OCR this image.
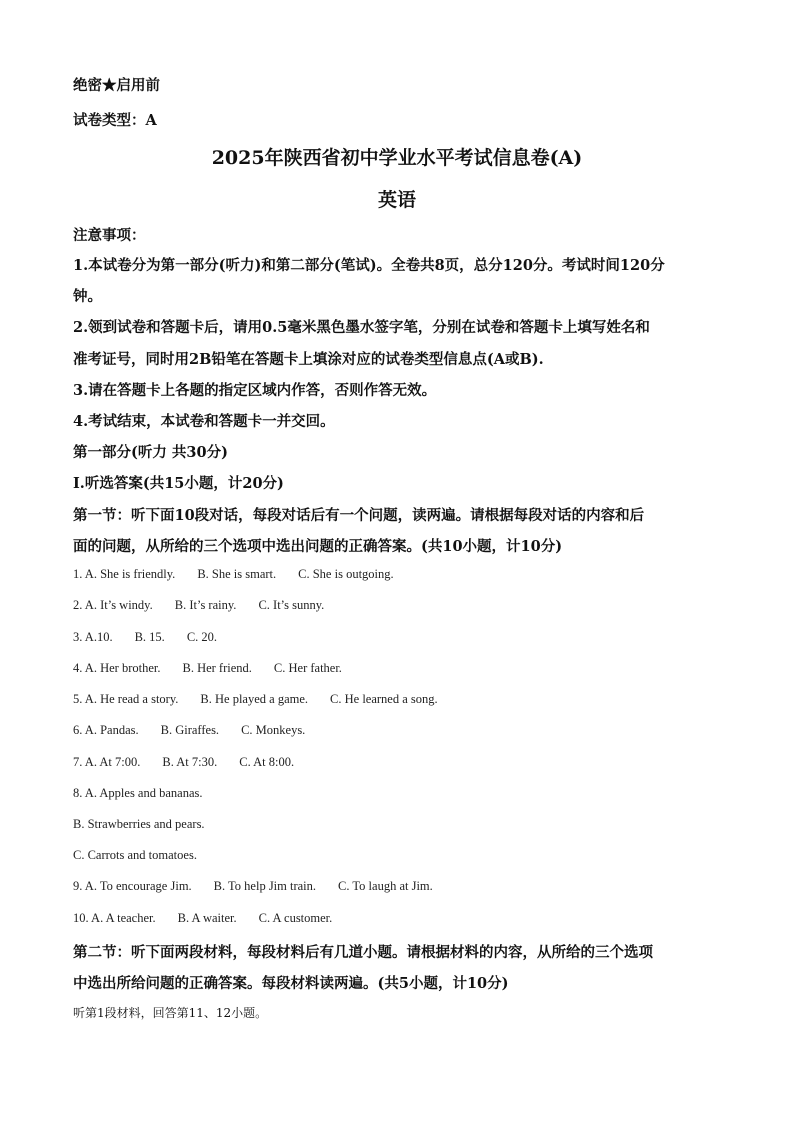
绝密★启用前
试卷类型：A
2025年陕西省初中学业水平考试信息卷(A)
英语
注意事项：
1.本试卷分为第一部分(听力)和第二部分(笔试)。全卷共8页，总分120分。考试时间120分
钟。
2.领到试卷和答题卡后，请用0.5毫米黑色墨水签字笔，分别在试卷和答题卡上填写姓名和
准考证号，同时用2B铅笔在答题卡上填涂对应的试卷类型信息点(A或B).
3.请在答题卡上各题的指定区域内作答，否则作答无效。
4.考试结束，本试卷和答题卡一并交回。
第一部分(听力 共30分)
Ⅰ.听选答案(共15小题，计20分)
第一节：听下面10段对话，每段对话后有一个问题，读两遍。请根据每段对话的内容和后
面的问题，从所给的三个选项中选出问题的正确答案。(共10小题，计10分)
1. A. She is friendly. B. She is smart. C. She is outgoing.
2. A. It’s windy. B. It’s rainy. C. It’s sunny.
3. A.10. B. 15. C. 20.
4. A. Her brother. B. Her friend. C. Her father.
5. A. He read a story. B. He played a game. C. He learned a song.
6. A. Pandas. B. Giraffes. C. Monkeys.
7. A. At 7:00. B. At 7:30. C. At 8:00.
8. A. Apples and bananas.
B. Strawberries and pears.
C. Carrots and tomatoes.
9. A. To encourage Jim. B. To help Jim train. C. To laugh at Jim.
10. A. A teacher. B. A waiter. C. A customer.
第二节：听下面两段材料，每段材料后有几道小题。请根据材料的内容，从所给的三个选项
中选出所给问题的正确答案。每段材料读两遍。(共5小题，计10分)
听第1段材料，回答第11、12小题。
